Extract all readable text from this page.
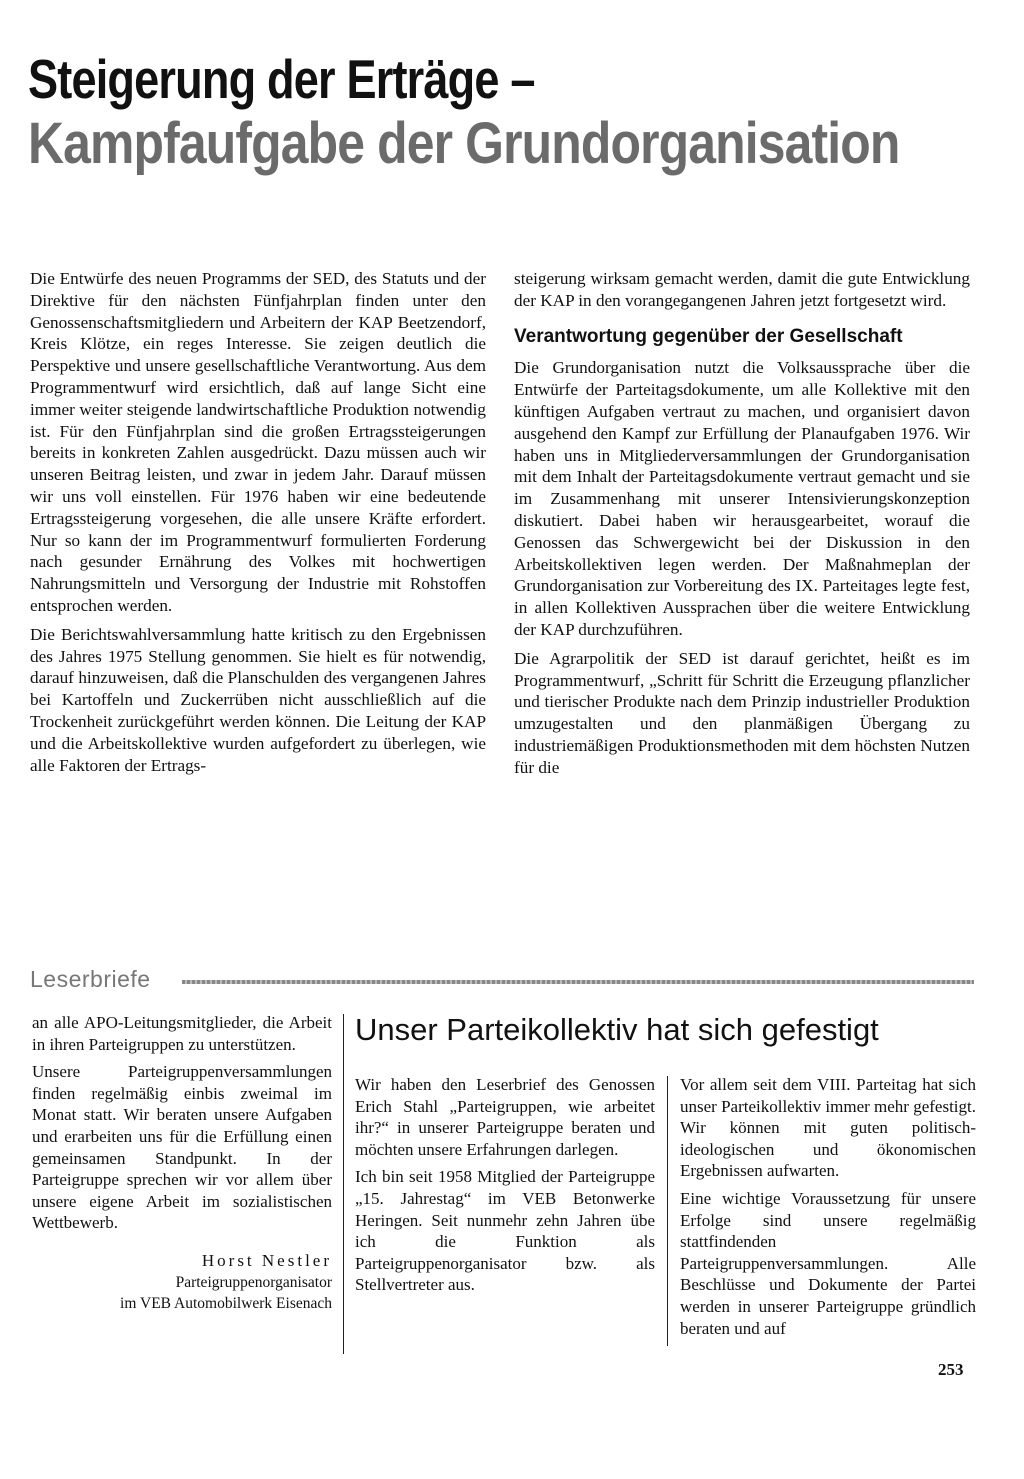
Steigerung der Erträge –
Kampfaufgabe der Grundorganisation

Die Entwürfe des neuen Programms der SED, des Statuts und der Direktive für den nächsten Fünfjahrplan finden unter den Genossenschaftsmitgliedern und Arbeitern der KAP Beetzendorf, Kreis Klötze, ein reges Interesse. Sie zeigen deutlich die Perspektive und unsere gesellschaftliche Verantwortung. Aus dem Programmentwurf wird ersichtlich, daß auf lange Sicht eine immer weiter steigende landwirtschaftliche Produktion notwendig ist. Für den Fünfjahrplan sind die großen Ertragssteigerungen bereits in konkreten Zahlen ausgedrückt. Dazu müssen auch wir unseren Beitrag leisten, und zwar in jedem Jahr. Darauf müssen wir uns voll einstellen. Für 1976 haben wir eine bedeutende Ertragssteigerung vorgesehen, die alle unsere Kräfte erfordert. Nur so kann der im Programmentwurf formulierten Forderung nach gesunder Ernährung des Volkes mit hochwertigen Nahrungsmitteln und Versorgung der Industrie mit Rohstoffen entsprochen werden.

Die Berichtswahlversammlung hatte kritisch zu den Ergebnissen des Jahres 1975 Stellung genommen. Sie hielt es für notwendig, darauf hinzuweisen, daß die Planschulden des vergangenen Jahres bei Kartoffeln und Zuckerrüben nicht ausschließlich auf die Trockenheit zurückgeführt werden können. Die Leitung der KAP und die Arbeitskollektive wurden aufgefordert zu überlegen, wie alle Faktoren der Ertrags-

steigerung wirksam gemacht werden, damit die gute Entwicklung der KAP in den vorangegangenen Jahren jetzt fortgesetzt wird.

Verantwortung gegenüber der Gesellschaft

Die Grundorganisation nutzt die Volksaussprache über die Entwürfe der Parteitagsdokumente, um alle Kollektive mit den künftigen Aufgaben vertraut zu machen, und organisiert davon ausgehend den Kampf zur Erfüllung der Planaufgaben 1976. Wir haben uns in Mitgliederversammlungen der Grundorganisation mit dem Inhalt der Parteitagsdokumente vertraut gemacht und sie im Zusammenhang mit unserer Intensivierungskonzeption diskutiert. Dabei haben wir herausgearbeitet, worauf die Genossen das Schwergewicht bei der Diskussion in den Arbeitskollektiven legen werden. Der Maßnahmeplan der Grundorganisation zur Vorbereitung des IX. Parteitages legte fest, in allen Kollektiven Aussprachen über die weitere Entwicklung der KAP durchzuführen.

Die Agrarpolitik der SED ist darauf gerichtet, heißt es im Programmentwurf, „Schritt für Schritt die Erzeugung pflanzlicher und tierischer Produkte nach dem Prinzip industrieller Produktion umzugestalten und den planmäßigen Übergang zu industriemäßigen Produktionsmethoden mit dem höchsten Nutzen für die

Leserbriefe

an alle APO-Leitungsmitglieder, die Arbeit in ihren Parteigruppen zu unterstützen.

Unsere Parteigruppenversammlungen finden regelmäßig einbis zweimal im Monat statt. Wir beraten unsere Aufgaben und erarbeiten uns für die Erfüllung einen gemeinsamen Standpunkt. In der Parteigruppe sprechen wir vor allem über unsere eigene Arbeit im sozialistischen Wettbewerb.

Horst Nestler
Parteigruppenorganisator
im VEB Automobilwerk Eisenach
Unser Parteikollektiv hat sich gefestigt

Wir haben den Leserbrief des Genossen Erich Stahl „Parteigruppen, wie arbeitet ihr?“ in unserer Parteigruppe beraten und möchten unsere Erfahrungen darlegen.

Ich bin seit 1958 Mitglied der Parteigruppe „15. Jahrestag“ im VEB Betonwerke Heringen. Seit nunmehr zehn Jahren übe ich die Funktion als Parteigruppenorganisator bzw. als Stellvertreter aus.

Vor allem seit dem VIII. Parteitag hat sich unser Parteikollektiv immer mehr gefestigt. Wir können mit guten politisch-ideologischen und ökonomischen Ergebnissen aufwarten.

Eine wichtige Voraussetzung für unsere Erfolge sind unsere regelmäßig stattfindenden Parteigruppenversammlungen. Alle Beschlüsse und Dokumente der Partei werden in unserer Parteigruppe gründlich beraten und auf

253
